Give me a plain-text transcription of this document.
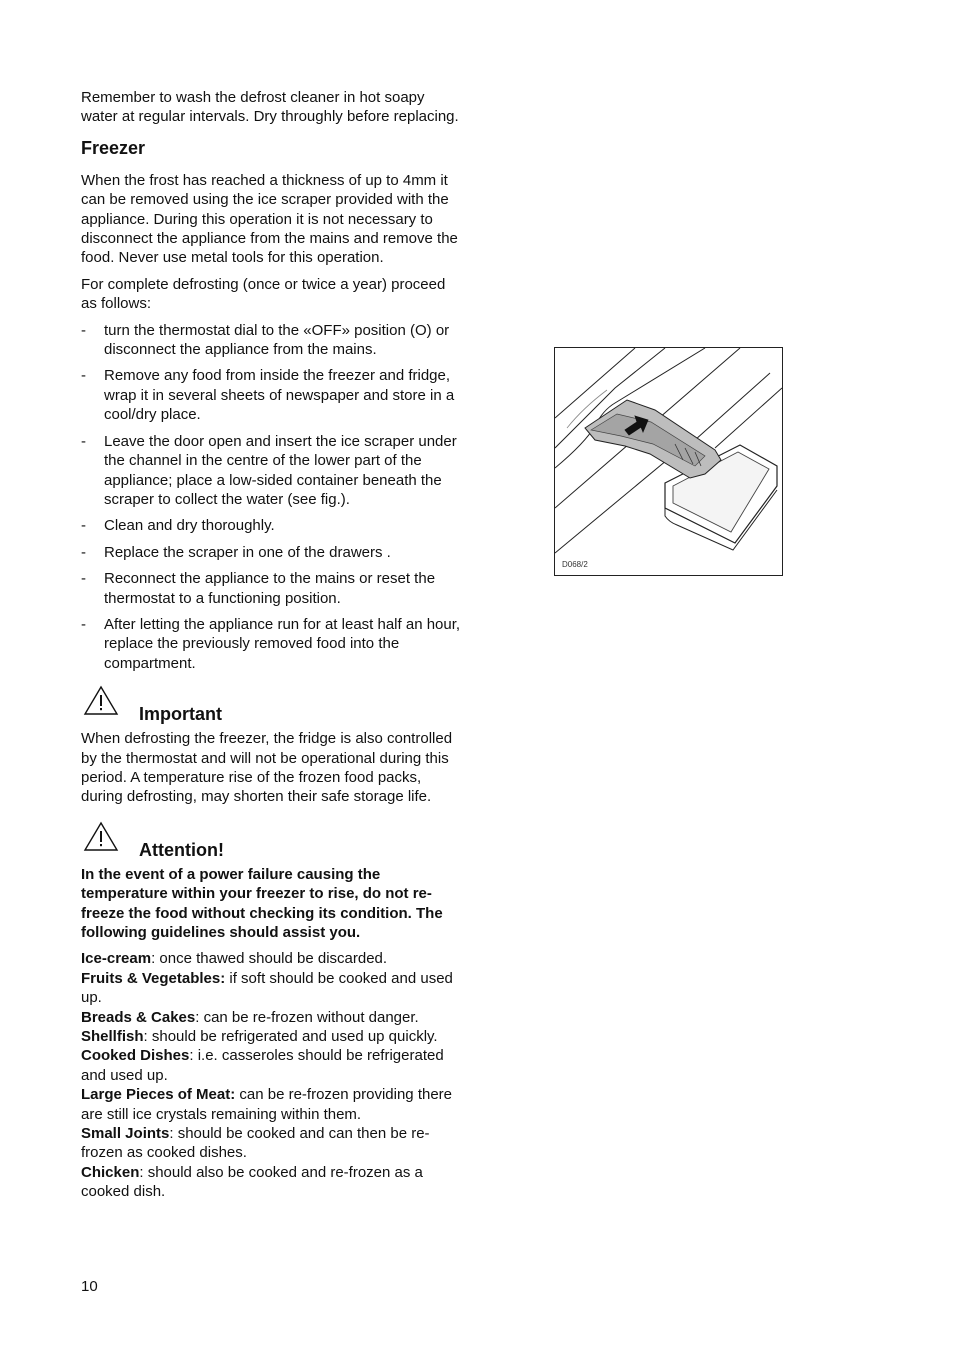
Remember to wash the defrost cleaner in hot soapy water at regular intervals. Dry throughly before replacing.

Freezer

When the frost has reached a thickness of up to 4mm it can be removed using the ice scraper provided with the appliance. During this operation it is not necessary to disconnect the appliance from the mains and remove the food. Never use metal tools for this operation.

For complete defrosting (once or twice a year) proceed as follows:

- turn the thermostat dial to the «OFF» position (O) or disconnect the appliance from the mains.
- Remove any food from inside the freezer and fridge, wrap it in several sheets of newspaper and store in a cool/dry place.
- Leave the door open and insert the ice scraper under the channel in the centre of the lower part of the appliance; place a low-sided container beneath the scraper to collect the water (see fig.).
- Clean and dry thoroughly.
- Replace the scraper in one of the drawers .
- Reconnect the appliance to the mains or reset the thermostat to a functioning position.
- After letting the appliance run for at least half an hour, replace the previously removed food into the compartment.
Important

When defrosting the freezer, the fridge is also controlled by the thermostat and will not be operational during this period. A temperature rise of the frozen food packs, during defrosting, may shorten their safe storage life.

Attention!

In the event of a power failure causing the temperature within your freezer to rise, do not re-freeze the food without checking its condition. The following guidelines should assist you.

Ice-cream: once thawed should be discarded.

Fruits & Vegetables: if soft should be cooked and used up.

Breads & Cakes: can be re-frozen without danger.

Shellfish: should be refrigerated and used up quickly.

Cooked Dishes: i.e. casseroles should be refrigerated and used up.

Large Pieces of Meat: can be re-frozen providing there are still ice crystals remaining within them.

Small Joints: should be cooked and can then be re-frozen as cooked dishes.

Chicken: should also be cooked and re-frozen as a cooked dish.

D068/2
10
